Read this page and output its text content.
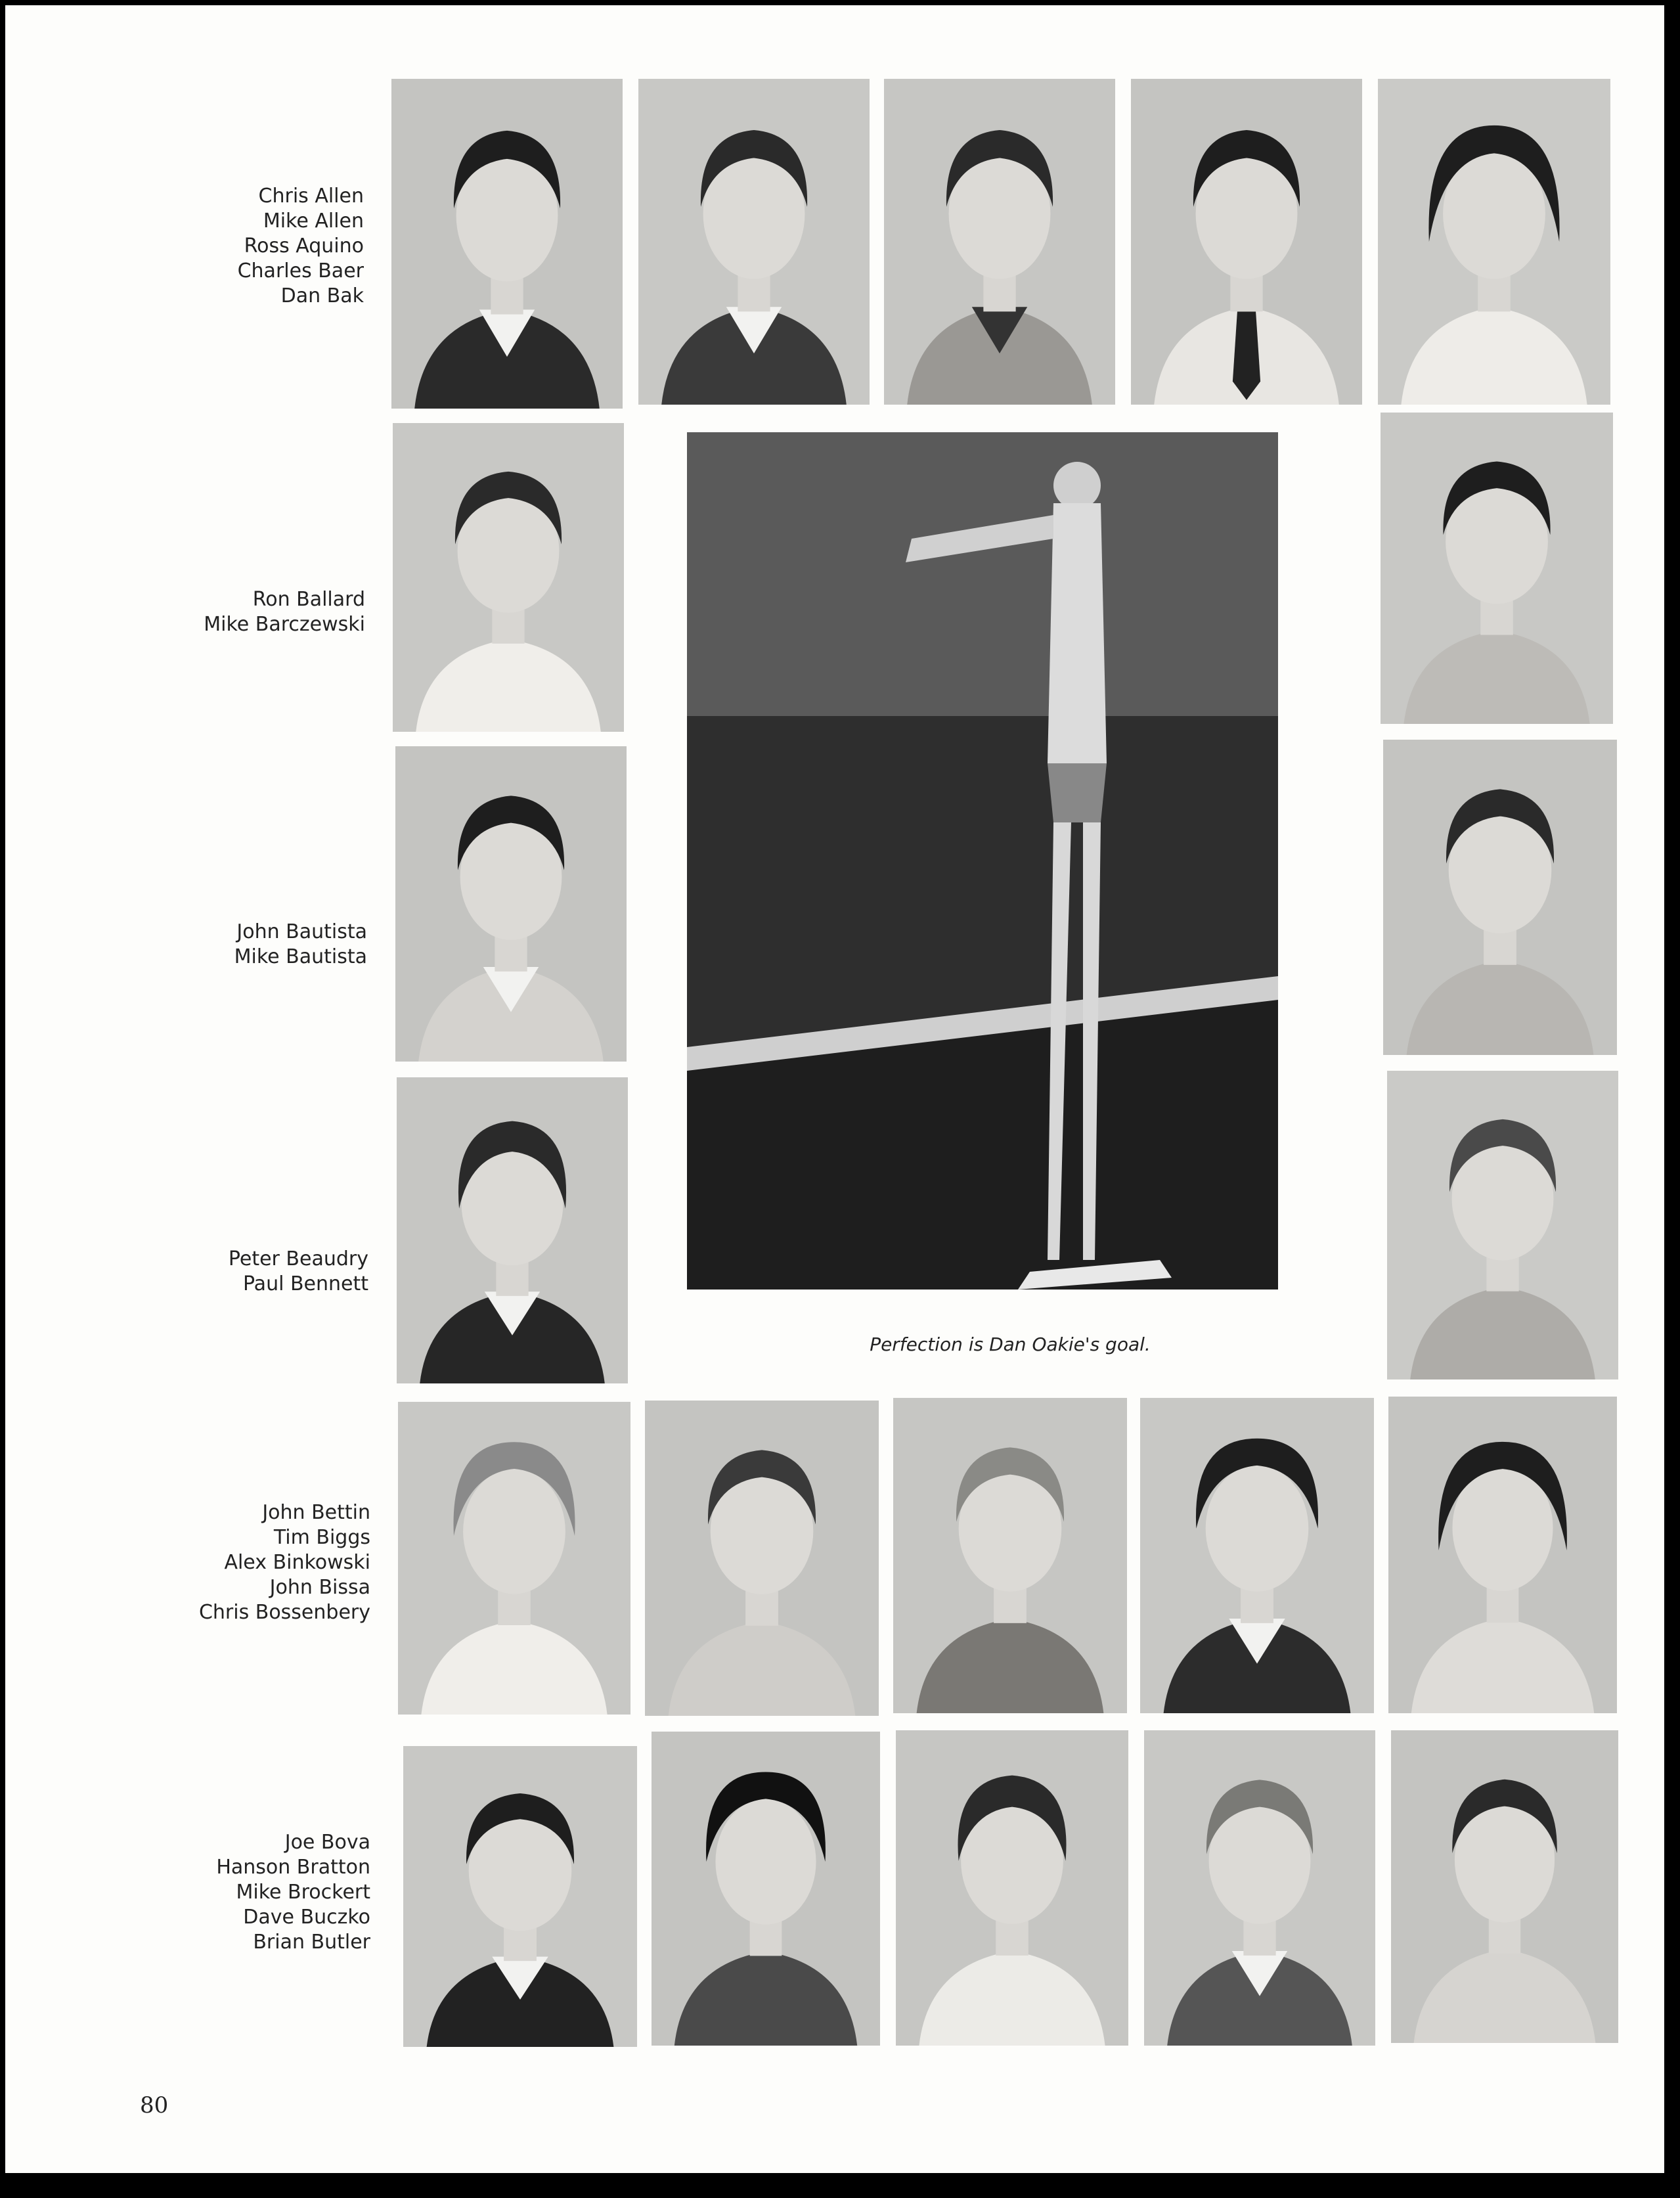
Chris Allen
Mike Allen
Ross Aquino
Charles Baer
Dan Bak
Ron Ballard
Mike Barczewski
John Bautista
Mike Bautista
Peter Beaudry
Paul Bennett
John Bettin
Tim Biggs
Alex Binkowski
John Bissa
Chris Bossenbery
Joe Bova
Hanson Bratton
Mike Brockert
Dave Buczko
Brian Butler
Perfection is Dan Oakie's goal.
80
